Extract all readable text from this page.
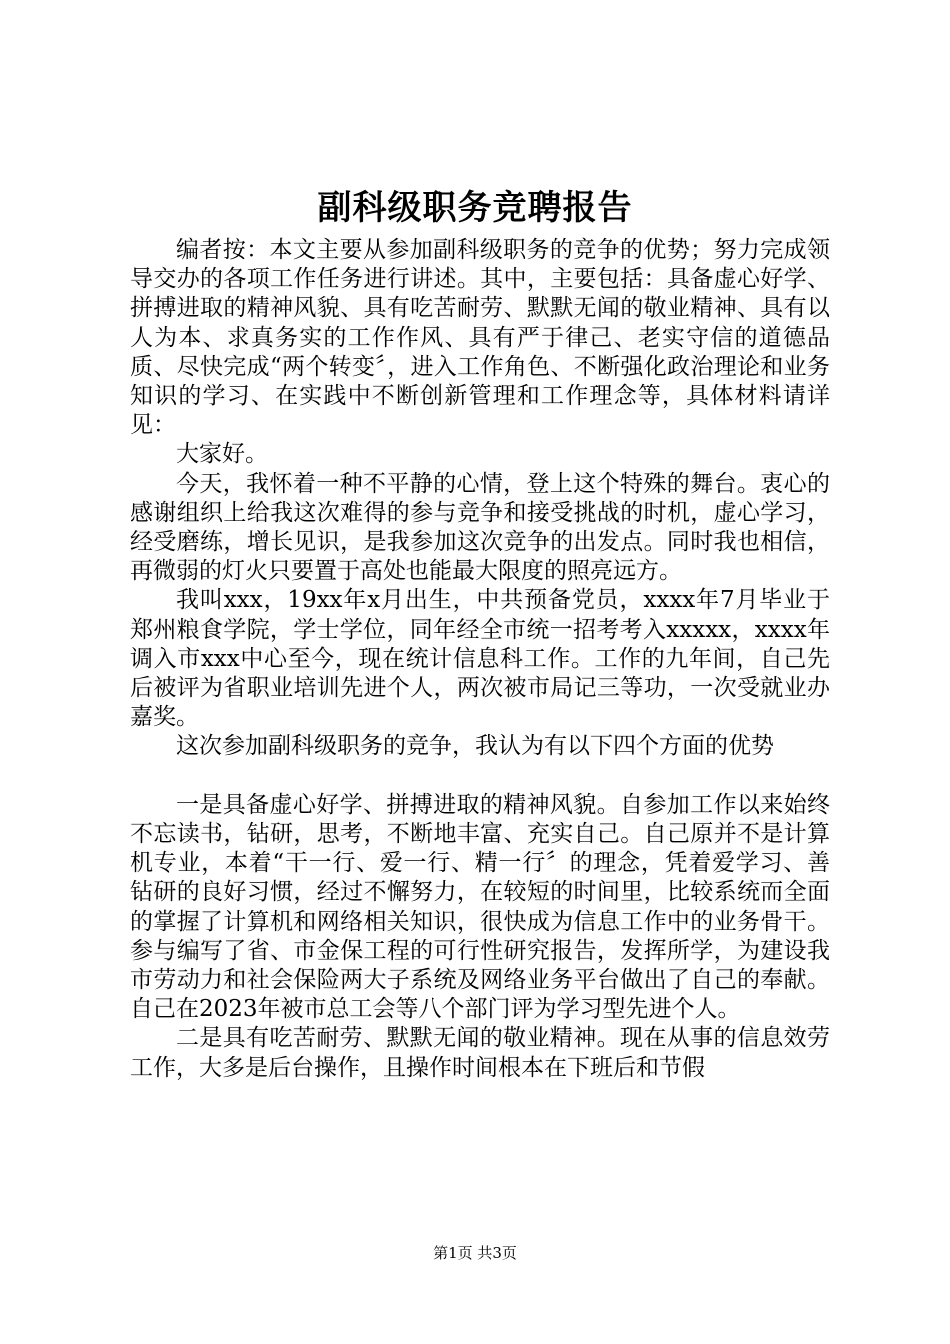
副科级职务竞聘报告

编者按：本文主要从参加副科级职务的竞争的优势；努力完成领导交办的各项工作任务进行讲述。其中，主要包括：具备虚心好学、拼搏进取的精神风貌、具有吃苦耐劳、默默无闻的敬业精神、具有以人为本、求真务实的工作作风、具有严于律己、老实守信的道德品质、尽快完成“两个转变〞，进入工作角色、不断强化政治理论和业务知识的学习、在实践中不断创新管理和工作理念等，具体材料请详见：

大家好。

今天，我怀着一种不平静的心情，登上这个特殊的舞台。衷心的感谢组织上给我这次难得的参与竞争和接受挑战的时机，虚心学习，经受磨练，增长见识，是我参加这次竞争的出发点。同时我也相信，再微弱的灯火只要置于高处也能最大限度的照亮远方。

我叫xxx，19xx年x月出生，中共预备党员，xxxx年7月毕业于郑州粮食学院，学士学位，同年经全市统一招考考入xxxxx，xxxx年调入市xxx中心至今，现在统计信息科工作。工作的九年间，自己先后被评为省职业培训先进个人，两次被市局记三等功，一次受就业办嘉奖。

这次参加副科级职务的竞争，我认为有以下四个方面的优势

一是具备虚心好学、拼搏进取的精神风貌。自参加工作以来始终不忘读书，钻研，思考，不断地丰富、充实自己。自己原并不是计算机专业，本着“干一行、爱一行、精一行〞的理念，凭着爱学习、善钻研的良好习惯，经过不懈努力，在较短的时间里，比较系统而全面的掌握了计算机和网络相关知识，很快成为信息工作中的业务骨干。参与编写了省、市金保工程的可行性研究报告，发挥所学，为建设我市劳动力和社会保险两大子系统及网络业务平台做出了自己的奉献。自己在2023年被市总工会等八个部门评为学习型先进个人。

二是具有吃苦耐劳、默默无闻的敬业精神。现在从事的信息效劳工作，大多是后台操作，且操作时间根本在下班后和节假

第1页 共3页
